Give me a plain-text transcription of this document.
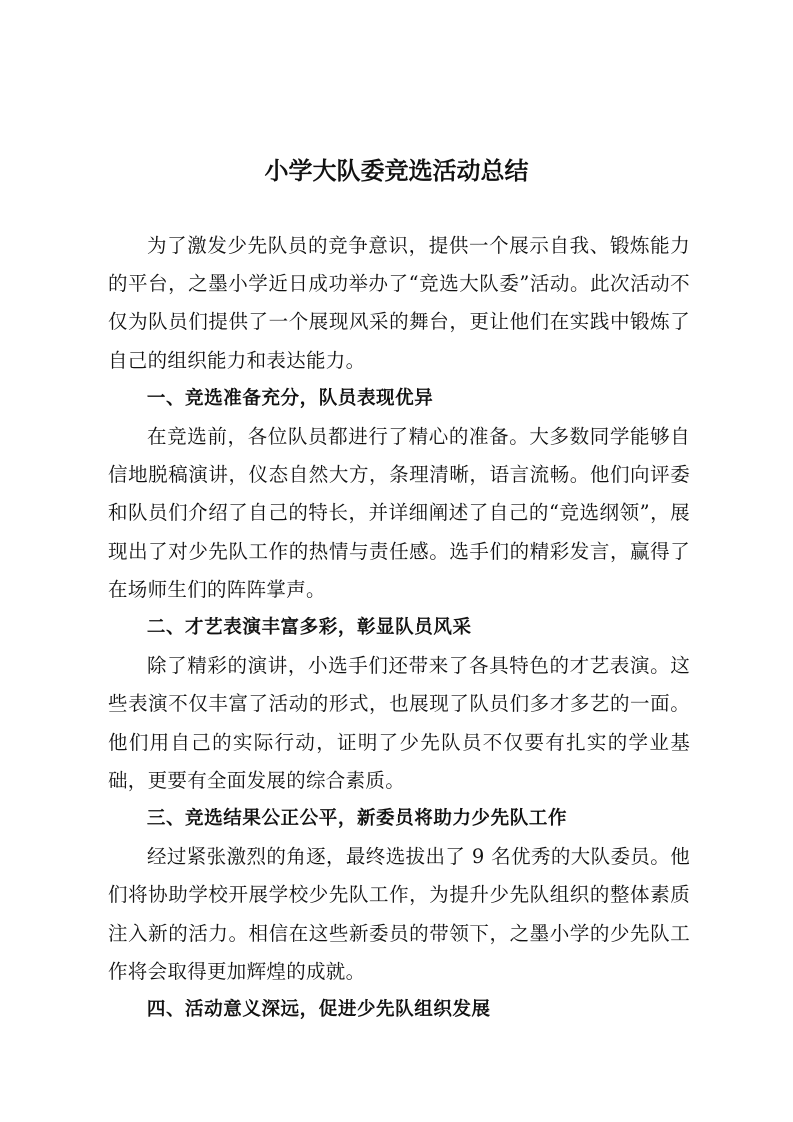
小学大队委竞选活动总结

为了激发少先队员的竞争意识，提供一个展示自我、锻炼能力的平台，之墨小学近日成功举办了“竞选大队委”活动。此次活动不仅为队员们提供了一个展现风采的舞台，更让他们在实践中锻炼了自己的组织能力和表达能力。

一、竞选准备充分，队员表现优异

在竞选前，各位队员都进行了精心的准备。大多数同学能够自信地脱稿演讲，仪态自然大方，条理清晰，语言流畅。他们向评委和队员们介绍了自己的特长，并详细阐述了自己的“竞选纲领”，展现出了对少先队工作的热情与责任感。选手们的精彩发言，赢得了在场师生们的阵阵掌声。

二、才艺表演丰富多彩，彰显队员风采

除了精彩的演讲，小选手们还带来了各具特色的才艺表演。这些表演不仅丰富了活动的形式，也展现了队员们多才多艺的一面。他们用自己的实际行动，证明了少先队员不仅要有扎实的学业基础，更要有全面发展的综合素质。

三、竞选结果公正公平，新委员将助力少先队工作

经过紧张激烈的角逐，最终选拔出了 9 名优秀的大队委员。他们将协助学校开展学校少先队工作，为提升少先队组织的整体素质注入新的活力。相信在这些新委员的带领下，之墨小学的少先队工作将会取得更加辉煌的成就。

四、活动意义深远，促进少先队组织发展
